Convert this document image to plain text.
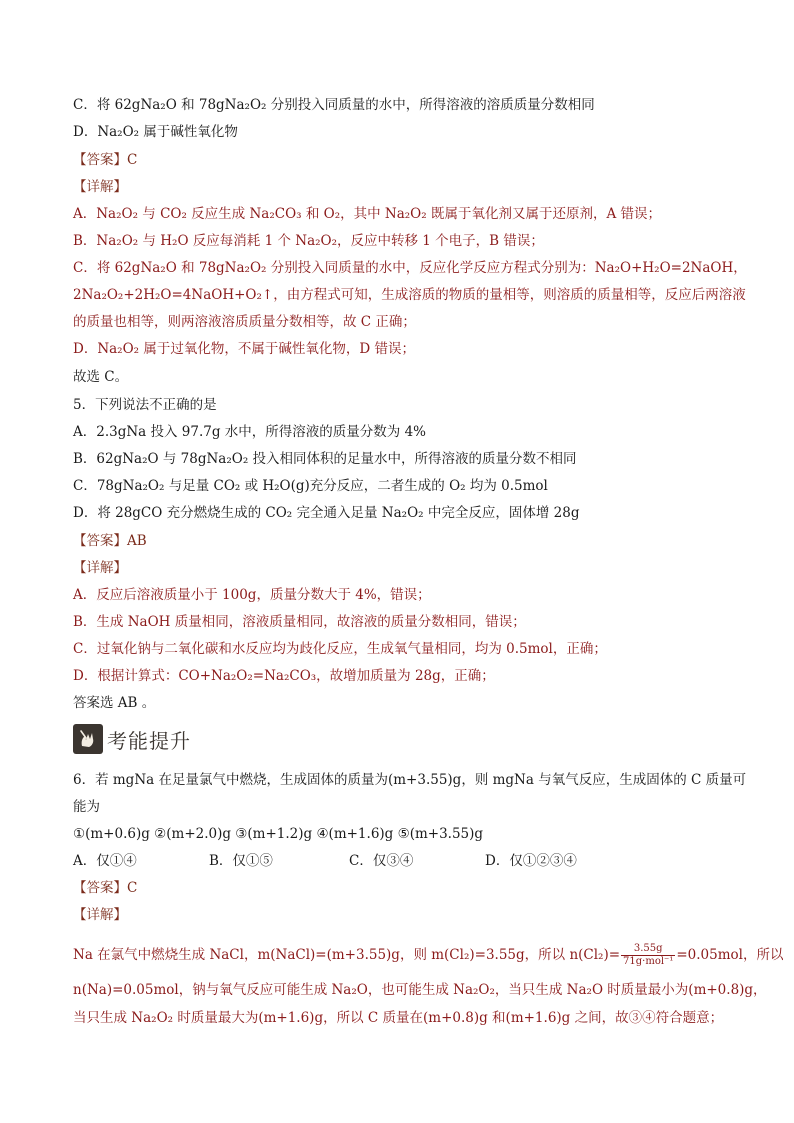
C．将 62gNa₂O 和 78gNa₂O₂ 分别投入同质量的水中，所得溶液的溶质质量分数相同
D．Na₂O₂ 属于碱性氧化物
【答案】C
【详解】
A．Na₂O₂ 与 CO₂ 反应生成 Na₂CO₃ 和 O₂，其中 Na₂O₂ 既属于氧化剂又属于还原剂，A 错误；
B．Na₂O₂ 与 H₂O 反应每消耗 1 个 Na₂O₂，反应中转移 1 个电子，B 错误；
C．将 62gNa₂O 和 78gNa₂O₂ 分别投入同质量的水中，反应化学反应方程式分别为：Na₂O+H₂O=2NaOH，
2Na₂O₂+2H₂O=4NaOH+O₂↑，由方程式可知，生成溶质的物质的量相等，则溶质的质量相等，反应后两溶液
的质量也相等，则两溶液溶质质量分数相等，故 C 正确；
D．Na₂O₂ 属于过氧化物，不属于碱性氧化物，D 错误；
故选 C。
5．下列说法不正确的是
A．2.3gNa 投入 97.7g 水中，所得溶液的质量分数为 4%
B．62gNa₂O 与 78gNa₂O₂ 投入相同体积的足量水中，所得溶液的质量分数不相同
C．78gNa₂O₂ 与足量 CO₂ 或 H₂O(g)充分反应，二者生成的 O₂ 均为 0.5mol
D．将 28gCO 充分燃烧生成的 CO₂ 完全通入足量 Na₂O₂ 中完全反应，固体增 28g
【答案】AB
【详解】
A．反应后溶液质量小于 100g，质量分数大于 4%，错误；
B．生成 NaOH 质量相同，溶液质量相同，故溶液的质量分数相同，错误；
C．过氧化钠与二氧化碳和水反应均为歧化反应，生成氧气量相同，均为 0.5mol，正确；
D．根据计算式：CO+Na₂O₂=Na₂CO₃，故增加质量为 28g，正确；
答案选 AB 。
考能提升
6．若 mgNa 在足量氯气中燃烧，生成固体的质量为(m+3.55)g，则 mgNa 与氧气反应，生成固体的 C 质量可
能为
①(m+0.6)g ②(m+2.0)g ③(m+1.2)g ④(m+1.6)g ⑤(m+3.55)g
A．仅①④	B．仅①⑤	C．仅③④	D．仅①②③④
【答案】C
【详解】
Na 在氯气中燃烧生成 NaCl，m(NaCl)=(m+3.55)g，则 m(Cl₂)=3.55g，所以 $n(Cl_2)= \frac{3.55g}{\text{71g·mol⁻¹}} =0.05mol$，所以
n(Na)=0.05mol，钠与氧气反应可能生成 Na₂O，也可能生成 Na₂O₂，当只生成 Na₂O 时质量最小为(m+0.8)g，
当只生成 Na₂O₂ 时质量最大为(m+1.6)g，所以 C 质量在(m+0.8)g 和(m+1.6)g 之间，故③④符合题意；
